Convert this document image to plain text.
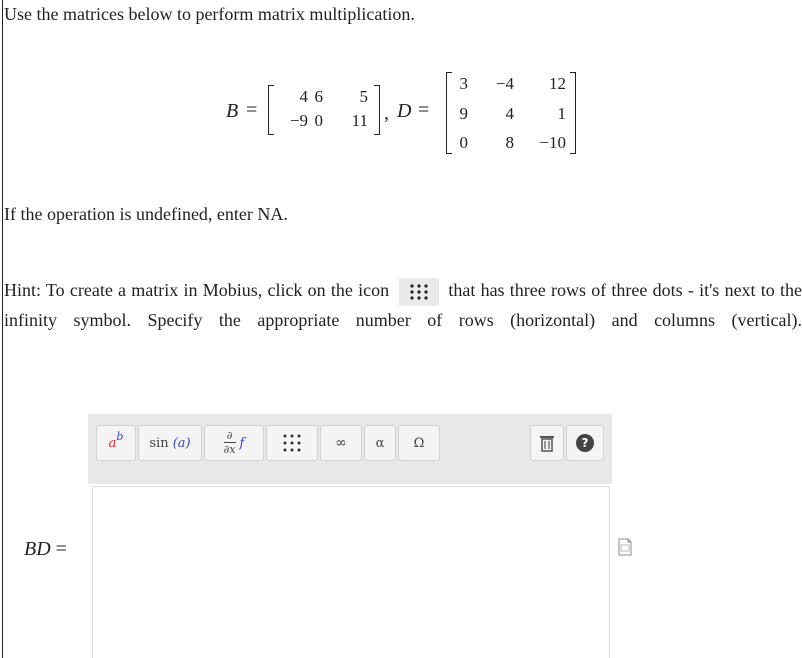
Use the matrices below to perform matrix multiplication.
B =
4 6	5
−9 0	11 , D =
3	−4	12
9	4	1
0	8	−10
If the operation is undefined, enter NA.
Hint: To create a matrix in Mobius, click on the icon	that has three rows of three dots - it's next to the infinity symbol. Specify the appropriate number of rows (horizontal) and columns (vertical).
a b sin
(a)	∂
∂x f	∞ α Ω	?
BD =
